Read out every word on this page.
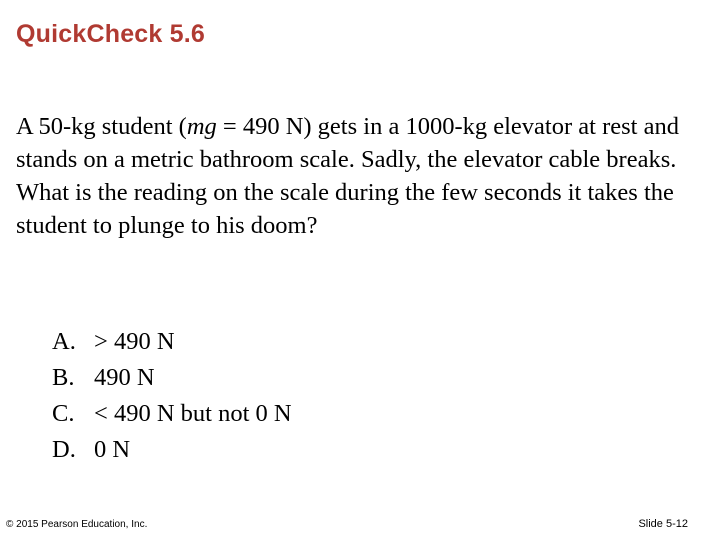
QuickCheck 5.6

A 50-kg student (mg = 490 N) gets in a 1000-kg elevator at rest and stands on a metric bathroom scale. Sadly, the elevator cable breaks. What is the reading on the scale during the few seconds it takes the student to plunge to his doom?

A. > 490 N
B. 490 N
C. < 490 N but not 0 N
D. 0 N
© 2015 Pearson Education, Inc.	Slide 5-12
